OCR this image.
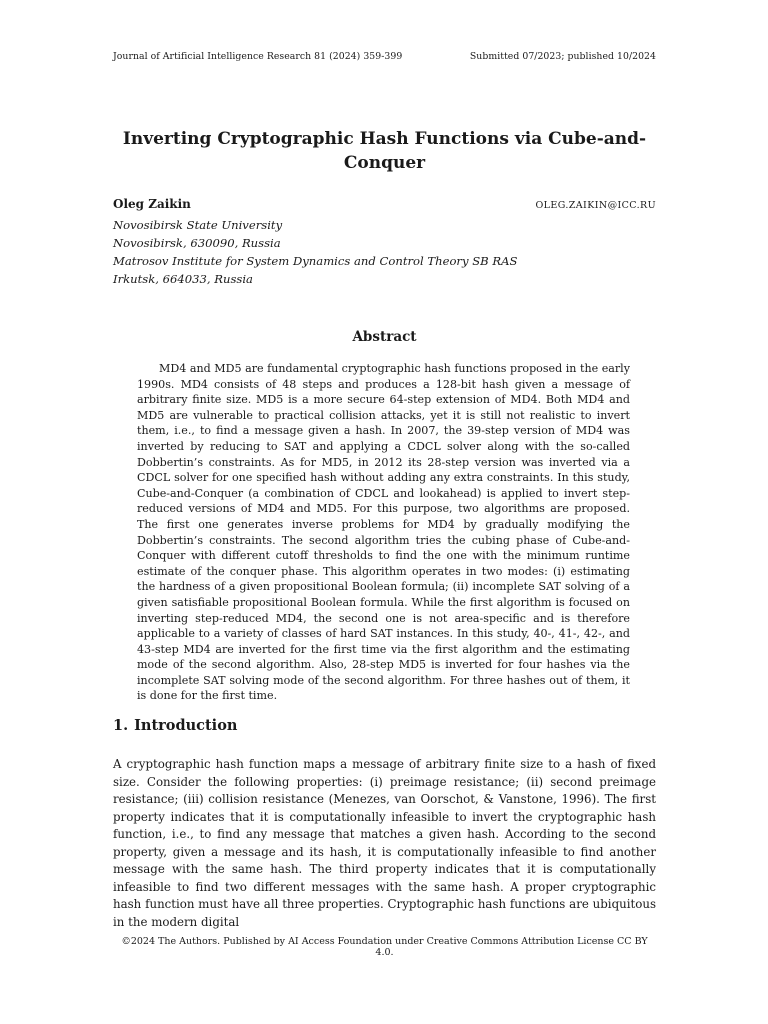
Journal of Artificial Intelligence Research 81 (2024) 359-399	Submitted 07/2023; published 10/2024
Inverting Cryptographic Hash Functions via Cube-and-Conquer
Oleg Zaikin	OLEG.ZAIKIN@ICC.RU
Novosibirsk State University
Novosibirsk, 630090, Russia
Matrosov Institute for System Dynamics and Control Theory SB RAS
Irkutsk, 664033, Russia
Abstract

MD4 and MD5 are fundamental cryptographic hash functions proposed in the early 1990s. MD4 consists of 48 steps and produces a 128-bit hash given a message of arbitrary finite size. MD5 is a more secure 64-step extension of MD4. Both MD4 and MD5 are vulnerable to practical collision attacks, yet it is still not realistic to invert them, i.e., to find a message given a hash. In 2007, the 39-step version of MD4 was inverted by reducing to SAT and applying a CDCL solver along with the so-called Dobbertin’s constraints. As for MD5, in 2012 its 28-step version was inverted via a CDCL solver for one specified hash without adding any extra constraints. In this study, Cube-and-Conquer (a combination of CDCL and lookahead) is applied to invert step-reduced versions of MD4 and MD5. For this purpose, two algorithms are proposed. The first one generates inverse problems for MD4 by gradually modifying the Dobbertin’s constraints. The second algorithm tries the cubing phase of Cube-and-Conquer with different cutoff thresholds to find the one with the minimum runtime estimate of the conquer phase. This algorithm operates in two modes: (i) estimating the hardness of a given propositional Boolean formula; (ii) incomplete SAT solving of a given satisfiable propositional Boolean formula. While the first algorithm is focused on inverting step-reduced MD4, the second one is not area-specific and is therefore applicable to a variety of classes of hard SAT instances. In this study, 40-, 41-, 42-, and 43-step MD4 are inverted for the first time via the first algorithm and the estimating mode of the second algorithm. Also, 28-step MD5 is inverted for four hashes via the incomplete SAT solving mode of the second algorithm. For three hashes out of them, it is done for the first time.

1. Introduction

A cryptographic hash function maps a message of arbitrary finite size to a hash of fixed size. Consider the following properties: (i) preimage resistance; (ii) second preimage resistance; (iii) collision resistance (Menezes, van Oorschot, & Vanstone, 1996). The first property indicates that it is computationally infeasible to invert the cryptographic hash function, i.e., to find any message that matches a given hash. According to the second property, given a message and its hash, it is computationally infeasible to find another message with the same hash. The third property indicates that it is computationally infeasible to find two different messages with the same hash. A proper cryptographic hash function must have all three properties. Cryptographic hash functions are ubiquitous in the modern digital

©2024 The Authors. Published by AI Access Foundation under Creative Commons Attribution License CC BY 4.0.
